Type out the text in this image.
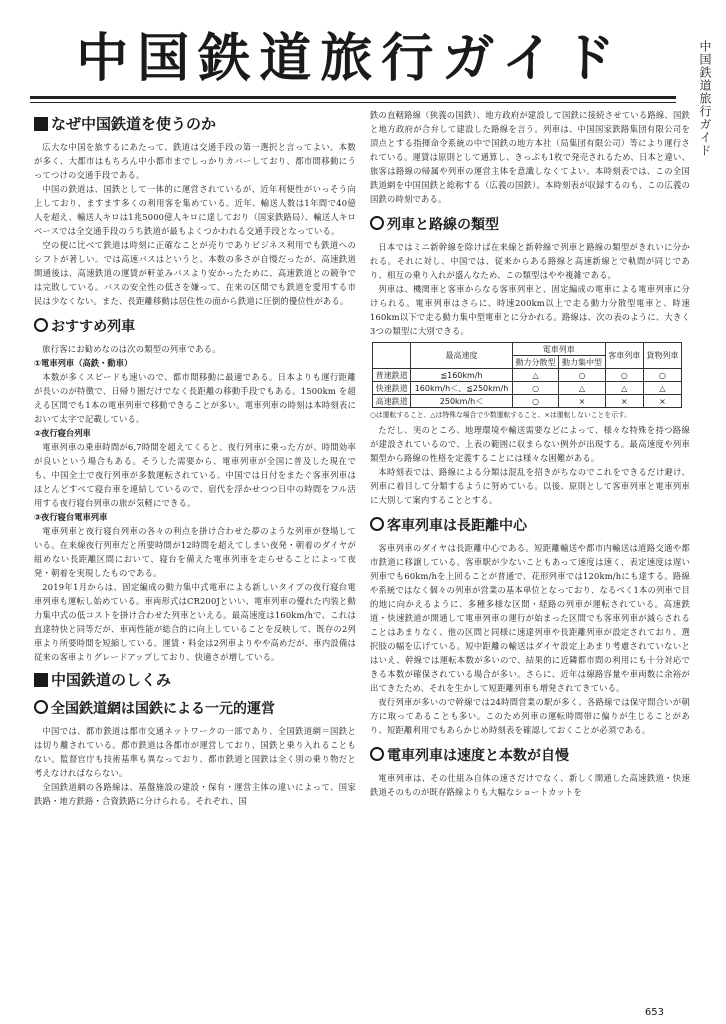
中国鉄道旅行ガイド	中国鉄道旅行ガイド
なぜ中国鉄道を使うのか

広大な中国を旅するにあたって、鉄道は交通手段の第一選択と言ってよい。本数が多く、大都市はもちろん中小都市までしっかりカバーしており、都市間移動にうってつけの交通手段である。

中国の鉄道は、国鉄として一体的に運営されているが、近年利便性がいっそう向上しており、ますます多くの利用客を集めている。近年、輸送人数は1年間で40億人を超え、輸送人キロは1兆5000億人キロに達しており（国家鉄路局）、輸送人キロベースでは全交通手段のうち鉄道が最もよくつかわれる交通手段となっている。

空の便に比べて鉄道は時刻に正確なことが売りでありビジネス利用でも鉄道へのシフトが著しい。では高速バスはというと、本数の多さが自慢だったが、高速鉄道開通後は、高速鉄道の運賃が軒並みバスより安かったために、高速鉄道との競争では完敗している。バスの安全性の低さを嫌って、在来の区間でも鉄道を愛用する市民は少なくない。また、長距離移動は居住性の面から鉄道に圧倒的優位性がある。

おすすめ列車

旅行客にお勧めなのは次の類型の列車である。

①電車列車（高鉄・動車）

本数が多くスピードも速いので、都市間移動に最適である。日本よりも運行距離が長いのが特徴で、日帰り圏だけでなく長距離の移動手段でもある。1500km を超える区間でも1本の電車列車で移動できることが多い。電車列車の時刻は本時刻表において太字で記載している。

②夜行寝台列車

電車列車の乗車時間が6,7時間を超えてくると、夜行列車に乗った方が、時間効率が良いという場合もある。そうした需要から、電車列車が全国に普及した現在でも、中国全土で夜行列車が多数運転されている。中国では日付をまたぐ客車列車はほとんどすべて寝台車を連結しているので、宿代を浮かせつつ日中の時間をフル活用する夜行寝台列車の旅が気軽にできる。

③夜行寝台電車列車

電車列車と夜行寝台列車の各々の利点を掛け合わせた夢のような列車が登場している。在来線夜行列車だと所要時間が12時間を超えてしまい夜発・朝着のダイヤが組めない長距離区間において、寝台を備えた電車列車を走らせることによって夜発・朝着を実現したものである。

2019年1月からは、固定編成の動力集中式電車による新しいタイプの夜行寝台電車列車も運転し始めている。車両形式はCR200Jといい、電車列車の優れた内装と動力集中式の低コストを掛け合わせた列車といえる。最高速度は160km/hで、これは直達特快と同等だが、車両性能が総合的に向上していることを反映して、既存の2列車より所要時間を短縮している。運賃・料金は2列車よりやや高めだが、車内設備は従来の客車よりグレードアップしており、快適さが増している。

中国鉄道のしくみ
全国鉄道網は国鉄による一元的運営

中国では、都市鉄道は都市交通ネットワークの一部であり、全国鉄道網＝国鉄とは切り離されている。都市鉄道は各都市が運営しており、国鉄と乗り入れることもない。監督官庁も技術基準も異なっており、都市鉄道と国鉄は全く別の乗り物だと考えなければならない。

全国鉄道網の各路線は、基盤施設の建設・保有・運営主体の違いによって、国家鉄路・地方鉄路・合資鉄路に分けられる。それぞれ、国

鉄の直轄路線（狭義の国鉄）、地方政府が建設して国鉄に接続させている路線、国鉄と地方政府が合弁して建設した路線を言う。列車は、中国国家鉄路集団有限公司を頂点とする指揮命令系統の中で国鉄の地方本社（局集団有限公司）等により運行されている。運賃は原則として通算し、きっぷも1枚で発売されるため、日本と違い、旅客は路線の帰属や列車の運営主体を意識しなくてよい。本時刻表では、この全国鉄道網を中国国鉄と総称する（広義の国鉄）。本時刻表が収録するのも、この広義の国鉄の時刻である。

列車と路線の類型

日本ではミニ新幹線を除けば在来線と新幹線で列車と路線の類型がきれいに分かれる。それに対し、中国では、従来からある路線と高速新線とで軌間が同じであり、相互の乗り入れが盛んなため、この類型はやや複雑である。

列車は、機関車と客車からなる客車列車と、固定編成の電車による電車列車に分けられる。電車列車はさらに、時速200km以上で走る動力分散型電車と、時速160km以下で走る動力集中型電車とに分かれる。路線は、次の表のように、大きく3つの類型に大別できる。

	最高速度	電車列車		客車列車	貨物列車
		動力分散型	動力集中型		
普速鉄道	≦160km/h	△	○	○	○
快速鉄道	160km/h＜、≦250km/h	○	△	△	△
高速鉄道	250km/h＜	○	×	×	×

○は運転すること、△は特殊な場合で少数運転すること、×は運転しないことを示す。

ただし、実のところ、地理環境や輸送需要などによって、様々な特殊を持つ路線が建設されているので、上表の範囲に収まらない例外が出現する。最高速度や列車類型から路線の性格を定義することには様々な困難がある。

本時刻表では、路線による分類は混乱を招きがちなのでこれをできるだけ避け、列車に着目して分類するように努めている。以後、原則として客車列車と電車列車に大別して案内することとする。

客車列車は長距離中心

客車列車のダイヤは長距離中心である。短距離輸送や都市内輸送は道路交通や都市鉄道に移譲している。客車駅が少ないこともあって速度は速く、表定速度は遅い列車でも60km/hを上回ることが普通で、花形列車では120km/hにも達する。路線や系統ではなく個々の列車が営業の基本単位となっており、なるべく1本の列車で目的地に向かえるように、多種多様な区間・経路の列車が運転されている。高速鉄道・快速鉄道が開通して電車列車の運行が始まった区間でも客車列車が減らされることはあまりなく、他の区間と同様に速達列車や長距離列車が設定されており、選択肢の幅を広げている。短中距離の輸送はダイヤ設定上あまり考慮されていないとはいえ、幹線では運転本数が多いので、結果的に近隣都市間の利用にも十分対応できる本数が確保されている場合が多い。さらに、近年は線路容量や車両数に余裕が出てきたため、それを生かして短距離列車も増発されてきている。

夜行列車が多いので幹線では24時間営業の駅が多く、各路線では保守間合いが朝方に取ってあることも多い。このため列車の運転時間帯に偏りが生じることがあり、短距離利用でもあらかじめ時刻表を確認しておくことが必須である。

電車列車は速度と本数が自慢

電車列車は、その仕組み自体の速さだけでなく、新しく開通した高速鉄道・快速鉄道そのものが既存路線よりも大幅なショートカットを

653
